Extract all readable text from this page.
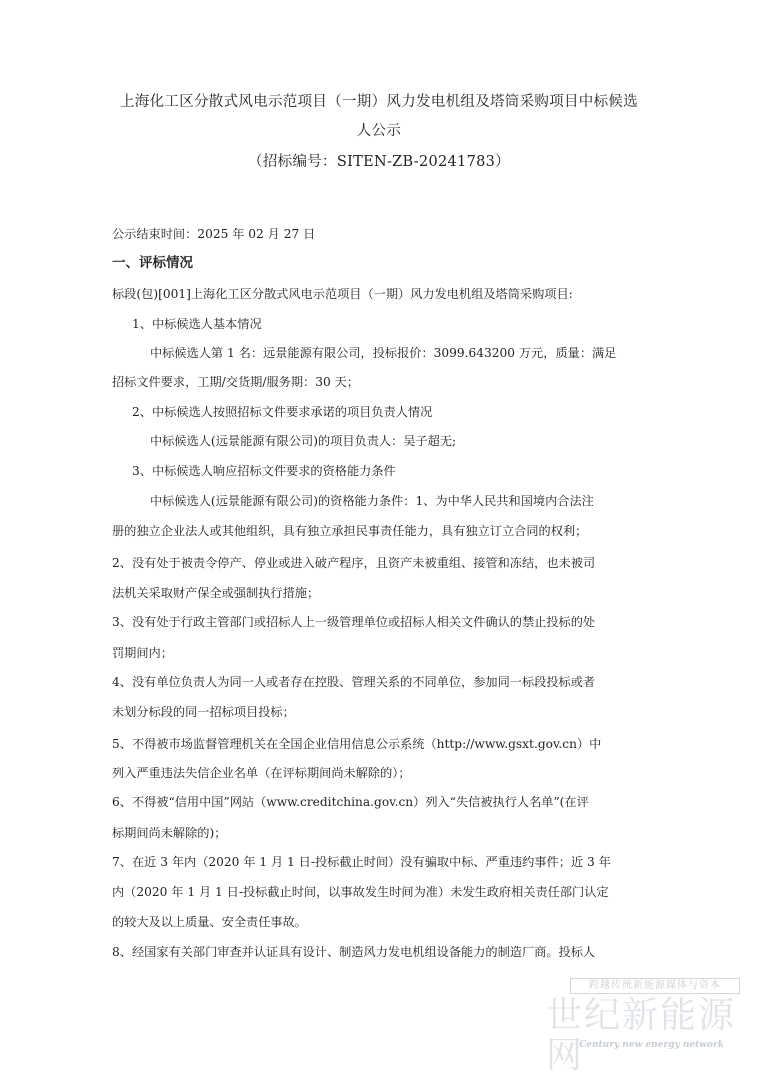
上海化工区分散式风电示范项目（一期）风力发电机组及塔筒采购项目中标候选
人公示
（招标编号：SITEN-ZB-20241783）
公示结束时间：2025 年 02 月 27 日
一、评标情况
标段(包)[001]上海化工区分散式风电示范项目（一期）风力发电机组及塔筒采购项目:
1、中标候选人基本情况
中标候选人第 1 名：远景能源有限公司，投标报价：3099.643200 万元，质量：满足
招标文件要求，工期/交货期/服务期：30 天；
2、中标候选人按照招标文件要求承诺的项目负责人情况
中标候选人(远景能源有限公司)的项目负责人：吴子超无;
3、中标候选人响应招标文件要求的资格能力条件
中标候选人(远景能源有限公司)的资格能力条件：1、为中华人民共和国境内合法注
册的独立企业法人或其他组织，具有独立承担民事责任能力，具有独立订立合同的权利；
2、没有处于被责令停产、停业或进入破产程序，且资产未被重组、接管和冻结，也未被司
法机关采取财产保全或强制执行措施；
3、没有处于行政主管部门或招标人上一级管理单位或招标人相关文件确认的禁止投标的处
罚期间内；
4、没有单位负责人为同一人或者存在控股、管理关系的不同单位，参加同一标段投标或者
未划分标段的同一招标项目投标；
5、不得被市场监督管理机关在全国企业信用信息公示系统（http://www.gsxt.gov.cn）中
列入严重违法失信企业名单（在评标期间尚未解除的）；
6、不得被“信用中国”网站（www.creditchina.gov.cn）列入“失信被执行人名单”(在评
标期间尚未解除的)；
7、在近 3 年内（2020 年 1 月 1 日-投标截止时间）没有骗取中标、严重违约事件；近 3 年
内（2020 年 1 月 1 日-投标截止时间，以事故发生时间为准）未发生政府相关责任部门认定
的较大及以上质量、安全责任事故。
8、经国家有关部门审查并认证具有设计、制造风力发电机组设备能力的制造厂商。投标人
跨越传统新能源媒体与资本
世纪新能源网
Century new energy network
